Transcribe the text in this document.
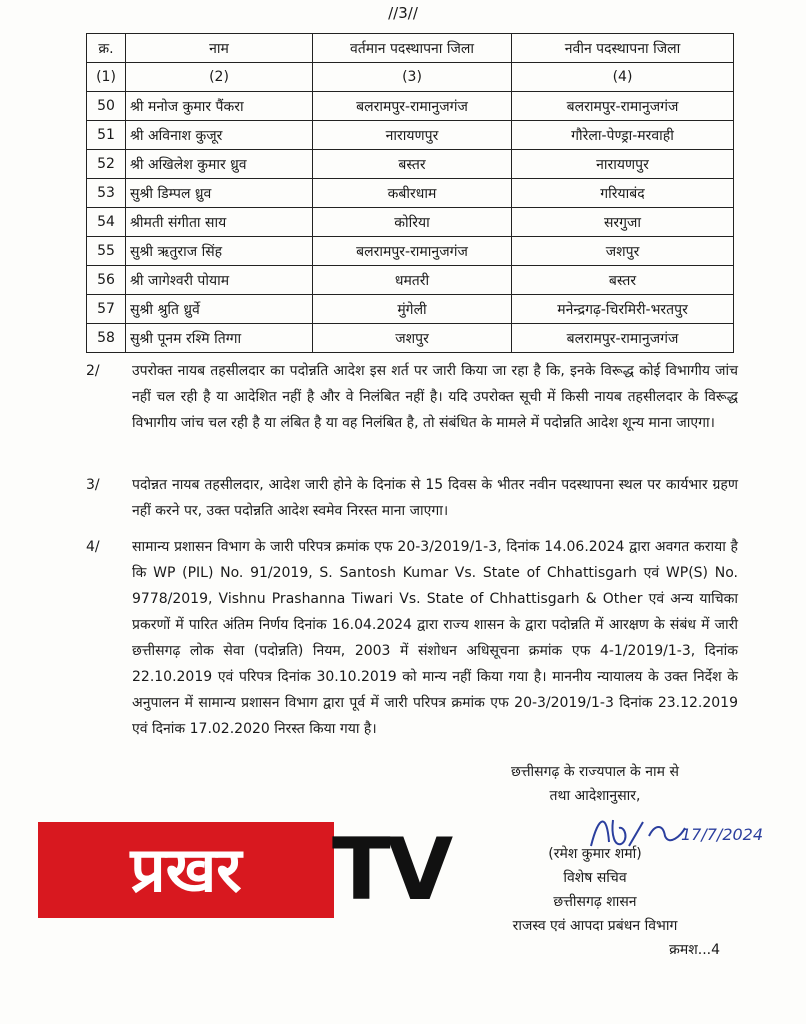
//3//
क्र.	नाम	वर्तमान पदस्थापना जिला	नवीन पदस्थापना जिला
(1)	(2)	(3)	(4)
50	श्री मनोज कुमार पैंकरा	बलरामपुर-रामानुजगंज	बलरामपुर-रामानुजगंज
51	श्री अविनाश कुजूर	नारायणपुर	गौरेला-पेण्ड्रा-मरवाही
52	श्री अखिलेश कुमार ध्रुव	बस्तर	नारायणपुर
53	सुश्री डिम्पल ध्रुव	कबीरधाम	गरियाबंद
54	श्रीमती संगीता साय	कोरिया	सरगुजा
55	सुश्री ऋतुराज सिंह	बलरामपुर-रामानुजगंज	जशपुर
56	श्री जागेश्वरी पोयाम	धमतरी	बस्तर
57	सुश्री श्रुति ध्रुर्वे	मुंगेली	मनेन्द्रगढ़-चिरमिरी-भरतपुर
58	सुश्री पूनम रश्मि तिग्गा	जशपुर	बलरामपुर-रामानुजगंज
2/ उपरोक्त नायब तहसीलदार का पदोन्नति आदेश इस शर्त पर जारी किया जा रहा है कि, इनके विरूद्ध कोई विभागीय जांच नहीं चल रही है या आदेशित नहीं है और वे निलंबित नहीं है। यदि उपरोक्त सूची में किसी नायब तहसीलदार के विरूद्ध विभागीय जांच चल रही है या लंबित है या वह निलंबित है, तो संबंधित के मामले में पदोन्नति आदेश शून्य माना जाएगा।
3/ पदोन्नत नायब तहसीलदार, आदेश जारी होने के दिनांक से 15 दिवस के भीतर नवीन पदस्थापना स्थल पर कार्यभार ग्रहण नहीं करने पर, उक्त पदोन्नति आदेश स्वमेव निरस्त माना जाएगा।
4/ सामान्य प्रशासन विभाग के जारी परिपत्र क्रमांक एफ 20-3/2019/1-3, दिनांक 14.06.2024 द्वारा अवगत कराया है कि WP (PIL) No. 91/2019, S. Santosh Kumar Vs. State of Chhattisgarh एवं WP(S) No. 9778/2019, Vishnu Prashanna Tiwari Vs. State of Chhattisgarh & Other एवं अन्य याचिका प्रकरणों में पारित अंतिम निर्णय दिनांक 16.04.2024 द्वारा राज्य शासन के द्वारा पदोन्नति में आरक्षण के संबंध में जारी छत्तीसगढ़ लोक सेवा (पदोन्नति) नियम, 2003 में संशोधन अधिसूचना क्रमांक एफ 4-1/2019/1-3, दिनांक 22.10.2019 एवं परिपत्र दिनांक 30.10.2019 को मान्य नहीं किया गया है। माननीय न्यायालय के उक्त निर्देश के अनुपालन में सामान्य प्रशासन विभाग द्वारा पूर्व में जारी परिपत्र क्रमांक एफ 20-3/2019/1-3 दिनांक 23.12.2019 एवं दिनांक 17.02.2020 निरस्त किया गया है।
छत्तीसगढ़ के राज्यपाल के नाम से
तथा आदेशानुसार,
17/7/2024
(रमेश कुमार शर्मा)
विशेष सचिव
छत्तीसगढ़ शासन
राजस्व एवं आपदा प्रबंधन विभाग
क्रमश...4
प्रखर	TV
